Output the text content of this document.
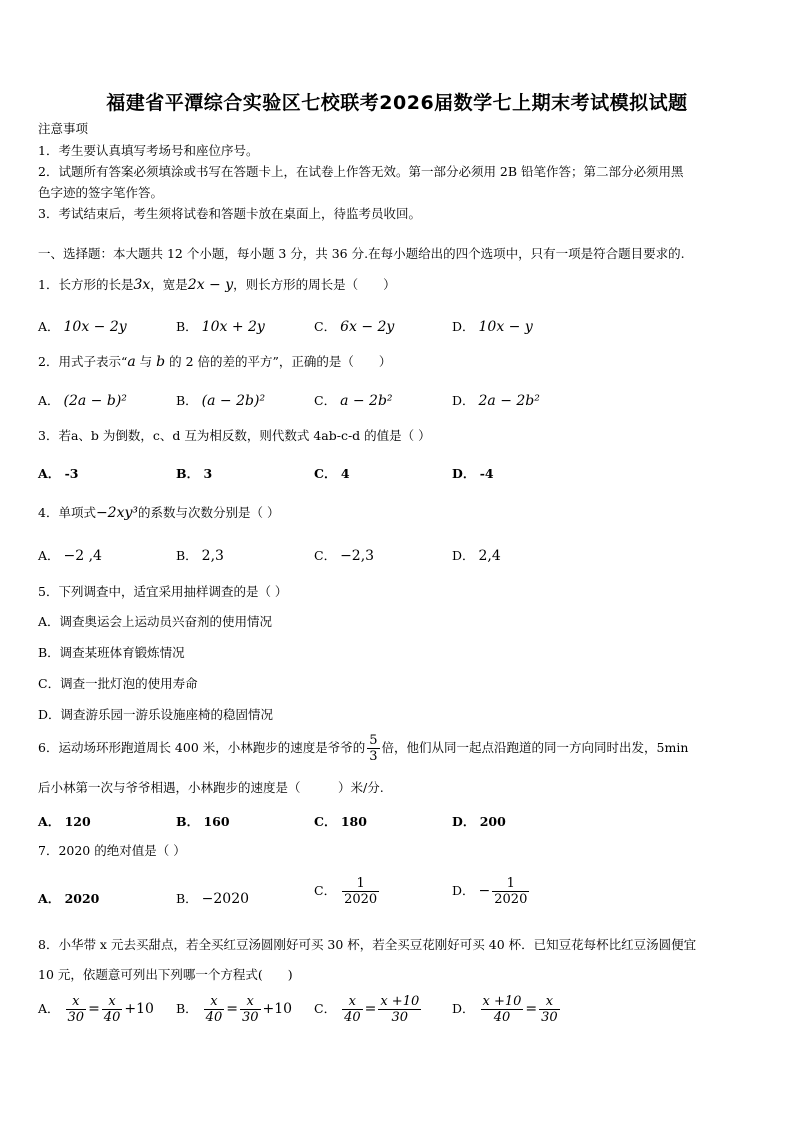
福建省平潭综合实验区七校联考2026届数学七上期末考试模拟试题
注意事项
1．考生要认真填写考场号和座位序号。
2．试题所有答案必须填涂或书写在答题卡上，在试卷上作答无效。第一部分必须用 2B 铅笔作答；第二部分必须用黑
色字迹的签字笔作答。
3．考试结束后，考生须将试卷和答题卡放在桌面上，待监考员收回。
一、选择题：本大题共 12 个小题，每小题 3 分，共 36 分.在每小题给出的四个选项中，只有一项是符合题目要求的.
1．长方形的长是3x，宽是2x − y，则长方形的周长是（　　）
A． 10x − 2y	B． 10x + 2y	C． 6x − 2y	D． 10x − y
2．用式子表示“a 与 b 的 2 倍的差的平方”，正确的是（　　）
A． (2a − b)²	B． (a − 2b)²	C． a − 2b²	D． 2a − 2b²
3．若a、b 为倒数，c、d 互为相反数，则代数式 4ab-c-d 的值是（ ）
A． -3	B． 3	C． 4	D． -4
4．单项式−2xy³的系数与次数分别是（ ）
A． −2 ,4	B． 2,3	C． −2,3	D． 2,4
5．下列调查中，适宜采用抽样调查的是（ ）
A．调查奥运会上运动员兴奋剂的使用情况
B．调查某班体育锻炼情况
C．调查一批灯泡的使用寿命
D．调查游乐园一游乐设施座椅的稳固情况
6．运动场环形跑道周长 400 米，小林跑步的速度是爷爷的 $\frac{5}{3}$ 倍，他们从同一起点沿跑道的同一方向同时出发，5min
后小林第一次与爷爷相遇，小林跑步的速度是（　　　）米/分.
A． 120	B． 160	C． 180	D． 200
7．2020 的绝对值是（ ）
A． 2020	B． −2020
C． $\frac{1}{2020}$	D． − $\frac{1}{2020}$
8．小华带 x 元去买甜点，若全买红豆汤圆刚好可买 30 杯，若全买豆花刚好可买 40 杯．已知豆花每杯比红豆汤圆便宜
10 元，依题意可列出下列哪一个方程式(　　)
A． $\frac{x}{30} = \frac{x}{40} +10$ B． $\frac{x}{40} = \frac{x}{30} +10$ C． $\frac{x}{40} = \frac{x +10}{30}$ D． $\frac{x +10}{40} = \frac{x}{30}$
